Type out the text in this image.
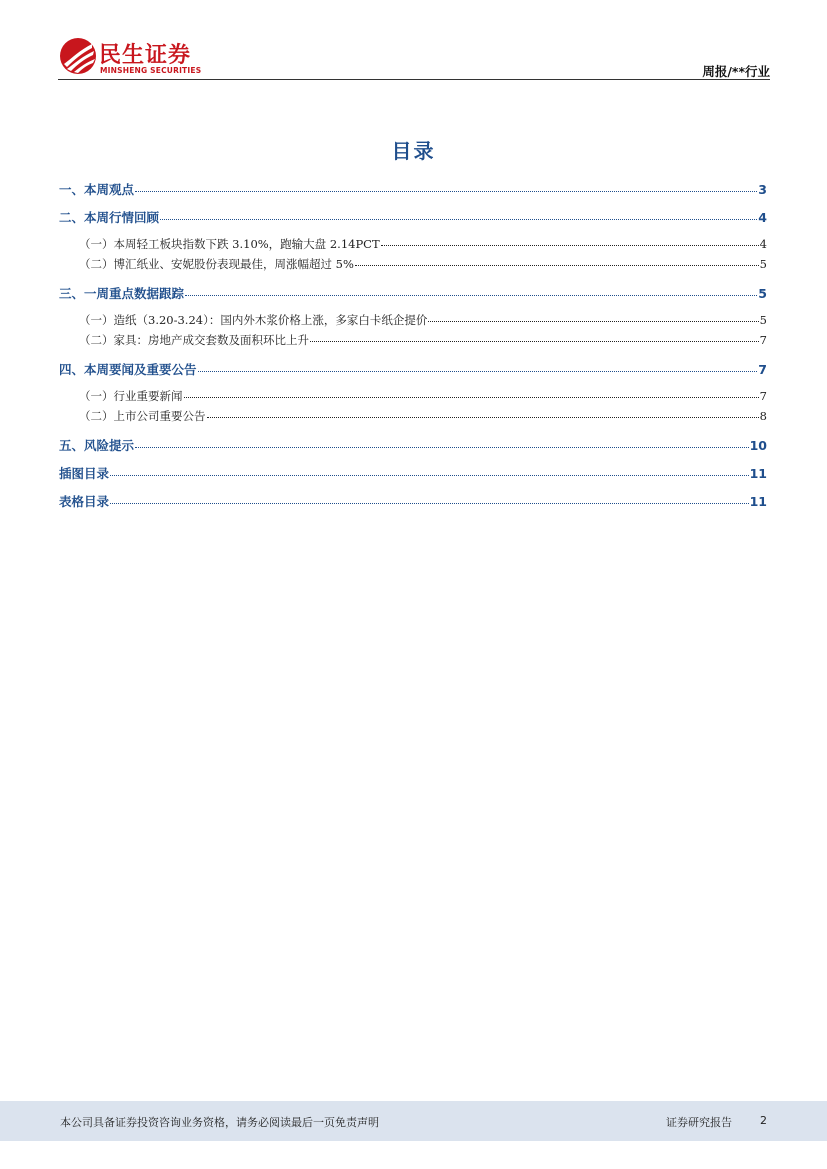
民生证券
MINSHENG SECURITIES	周报/**行业
目录
一、本周观点	3
二、本周行情回顾	4
（一）本周轻工板块指数下跌 3.10%，跑输大盘 2.14PCT	4
（二）博汇纸业、安妮股份表现最佳，周涨幅超过 5%	5
三、一周重点数据跟踪	5
（一）造纸（3.20-3.24）：国内外木浆价格上涨，多家白卡纸企提价	5
（二）家具：房地产成交套数及面积环比上升	7
四、本周要闻及重要公告	7
（一）行业重要新闻	7
（二）上市公司重要公告	8
五、风险提示	10
插图目录	11
表格目录	11
本公司具备证券投资咨询业务资格，请务必阅读最后一页免责声明	证券研究报告	2
